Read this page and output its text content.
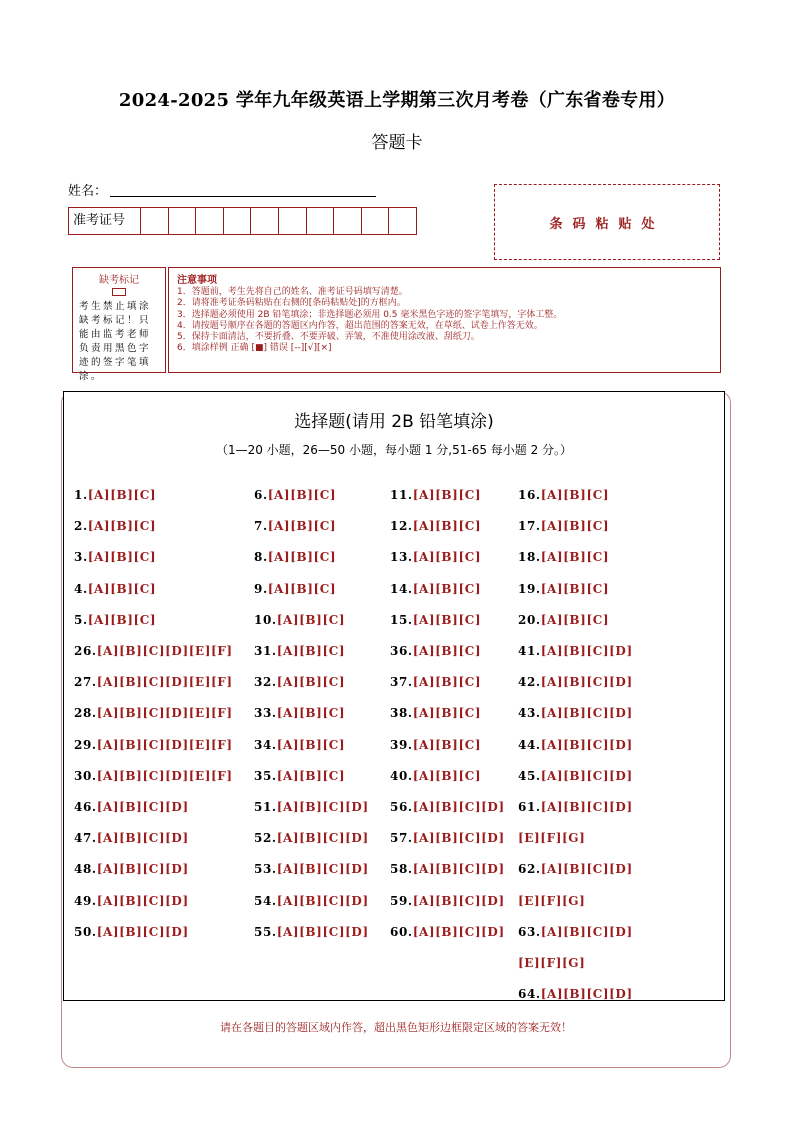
2024-2025 学年九年级英语上学期第三次月考卷（广东省卷专用）
答题卡
姓名：
准考证号	条码粘贴处
缺考标记
考生禁止填涂缺考标记！只能由监考老师负责用黑色字迹的签字笔填涂。
注意事项
1．答题前，考生先将自己的姓名、准考证号码填写清楚。
2．请将准考证条码粘贴在右侧的[条码粘贴处]的方框内。
3．选择题必须使用 2B 铅笔填涂；非选择题必须用 0.5 毫米黑色字迹的签字笔填写，字体工整。
4．请按题号顺序在各题的答题区内作答，超出范围的答案无效，在草纸、试卷上作答无效。
5．保持卡面清洁，不要折叠、不要弄破、弄皱，不准使用涂改液、刮纸刀。
6．填涂样例 正确 [■] 错误 [--][√][×]
1.[A][B][C]
2.[A][B][C]
3.[A][B][C]
4.[A][B][C]
5.[A][B][C]
6.[A][B][C]
7.[A][B][C]
8.[A][B][C]
9.[A][B][C]
10.[A][B][C]
11.[A][B][C]
12.[A][B][C]
13.[A][B][C]
14.[A][B][C]
15.[A][B][C]
16.[A][B][C]
17.[A][B][C]
18.[A][B][C]
19.[A][B][C]
20.[A][B][C]
26.[A][B][C][D][E][F]
27.[A][B][C][D][E][F]
28.[A][B][C][D][E][F]
29.[A][B][C][D][E][F]
30.[A][B][C][D][E][F]
31.[A][B][C]
32.[A][B][C]
33.[A][B][C]
34.[A][B][C]
35.[A][B][C]
36.[A][B][C]
37.[A][B][C]
38.[A][B][C]
39.[A][B][C]
40.[A][B][C]
41.[A][B][C][D]
42.[A][B][C][D]
43.[A][B][C][D]
44.[A][B][C][D]
45.[A][B][C][D]
46.[A][B][C][D]
47.[A][B][C][D]
48.[A][B][C][D]
49.[A][B][C][D]
50.[A][B][C][D]
51.[A][B][C][D]
52.[A][B][C][D]
53.[A][B][C][D]
54.[A][B][C][D]
55.[A][B][C][D]
56.[A][B][C][D]
57.[A][B][C][D]
58.[A][B][C][D]
59.[A][B][C][D]
60.[A][B][C][D]
61.[A][B][C][D]
[E][F][G]
62.[A][B][C][D]
[E][F][G]
63.[A][B][C][D]
[E][F][G]
64.[A][B][C][D]
选择题(请用 2B 铅笔填涂)
（1—20 小题，26—50 小题，每小题 1 分,51-65 每小题 2 分。）
请在各题目的答题区域内作答，超出黑色矩形边框限定区域的答案无效！
